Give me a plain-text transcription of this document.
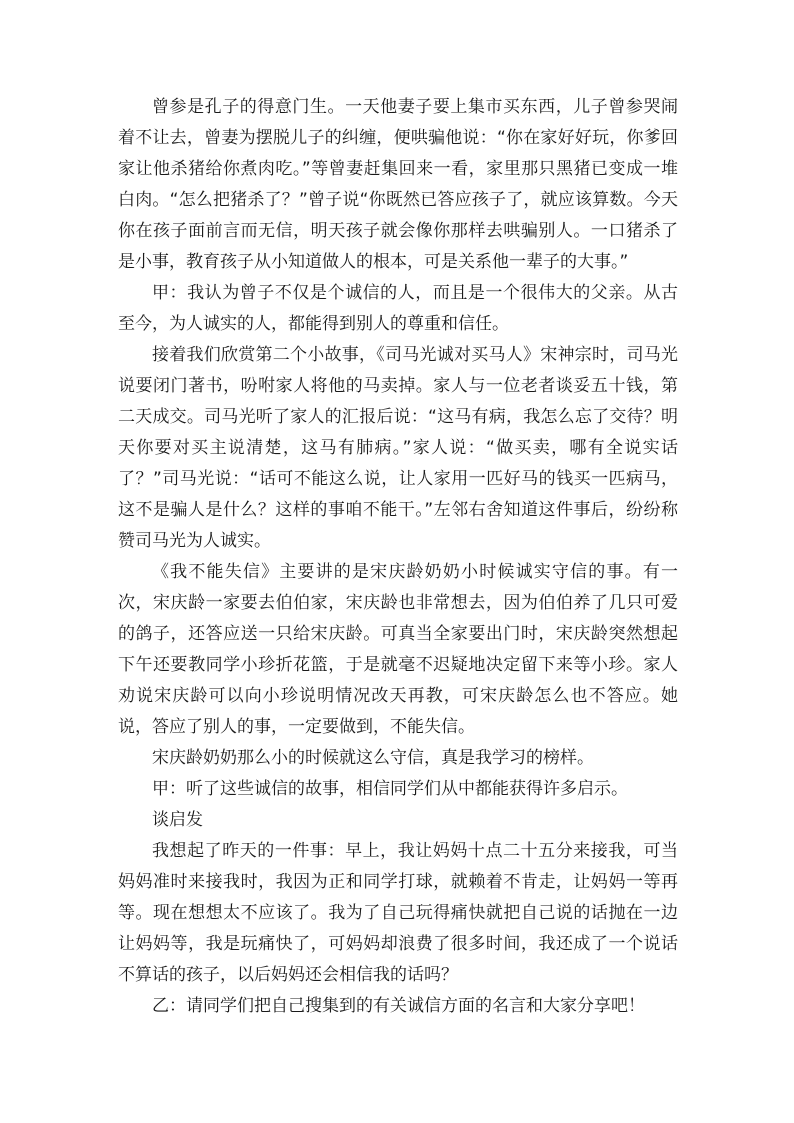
曾参是孔子的得意门生。一天他妻子要上集市买东西，儿子曾参哭闹着不让去，曾妻为摆脱儿子的纠缠，便哄骗他说：“你在家好好玩，你爹回家让他杀猪给你煮肉吃。”等曾妻赶集回来一看，家里那只黑猪已变成一堆白肉。“怎么把猪杀了？”曾子说“你既然已答应孩子了，就应该算数。今天你在孩子面前言而无信，明天孩子就会像你那样去哄骗别人。一口猪杀了是小事，教育孩子从小知道做人的根本，可是关系他一辈子的大事。”

甲：我认为曾子不仅是个诚信的人，而且是一个很伟大的父亲。从古至今，为人诚实的人，都能得到别人的尊重和信任。

接着我们欣赏第二个小故事，《司马光诚对买马人》宋神宗时，司马光说要闭门著书，吩咐家人将他的马卖掉。家人与一位老者谈妥五十钱，第二天成交。司马光听了家人的汇报后说：“这马有病，我怎么忘了交待？明天你要对买主说清楚，这马有肺病。”家人说：“做买卖，哪有全说实话了？”司马光说：“话可不能这么说，让人家用一匹好马的钱买一匹病马，这不是骗人是什么？这样的事咱不能干。”左邻右舍知道这件事后，纷纷称赞司马光为人诚实。

《我不能失信》主要讲的是宋庆龄奶奶小时候诚实守信的事。有一次，宋庆龄一家要去伯伯家，宋庆龄也非常想去，因为伯伯养了几只可爱的鸽子，还答应送一只给宋庆龄。可真当全家要出门时，宋庆龄突然想起下午还要教同学小珍折花篮，于是就毫不迟疑地决定留下来等小珍。家人劝说宋庆龄可以向小珍说明情况改天再教，可宋庆龄怎么也不答应。她说，答应了别人的事，一定要做到，不能失信。

宋庆龄奶奶那么小的时候就这么守信，真是我学习的榜样。

甲：听了这些诚信的故事，相信同学们从中都能获得许多启示。

谈启发

我想起了昨天的一件事：早上，我让妈妈十点二十五分来接我，可当妈妈准时来接我时，我因为正和同学打球，就赖着不肯走，让妈妈一等再等。现在想想太不应该了。我为了自己玩得痛快就把自己说的话抛在一边让妈妈等，我是玩痛快了，可妈妈却浪费了很多时间，我还成了一个说话不算话的孩子，以后妈妈还会相信我的话吗？

乙：请同学们把自己搜集到的有关诚信方面的名言和大家分享吧！
